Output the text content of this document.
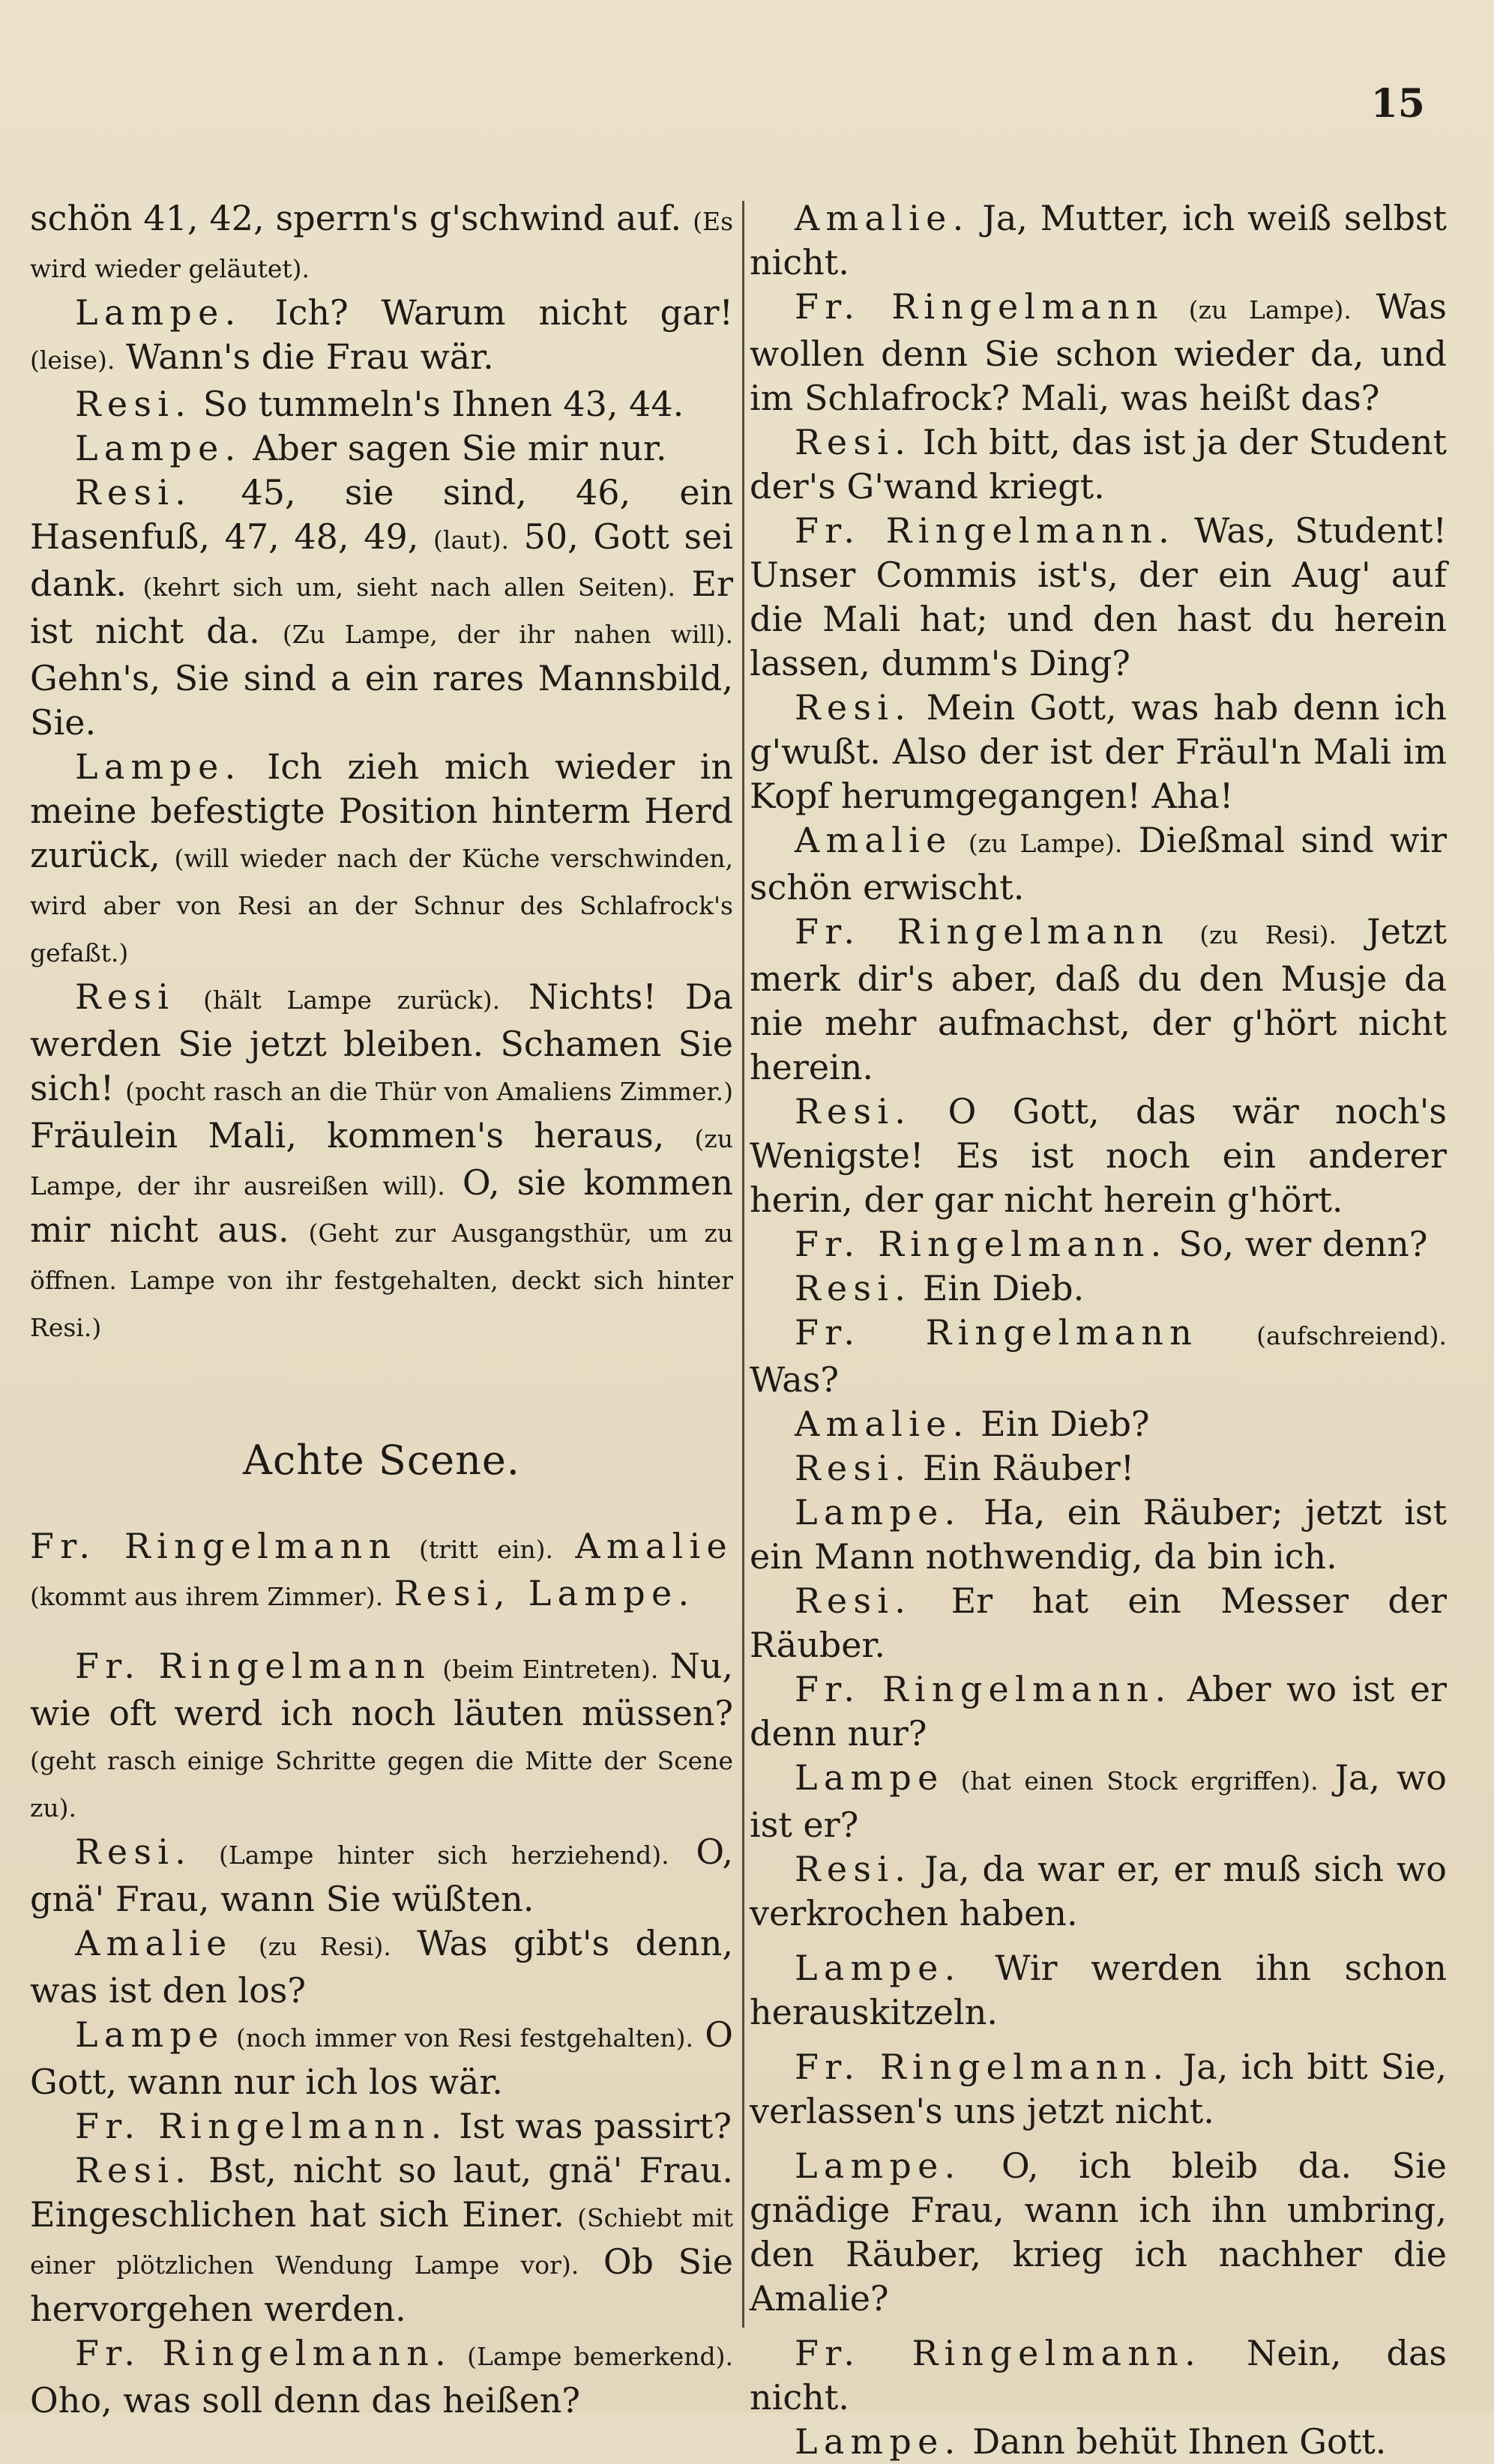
15

schön 41, 42, sperrn's g'schwind auf. (Es wird wieder geläutet).

Lampe. Ich? Warum nicht gar! (leise). Wann's die Frau wär.

Resi. So tummeln's Ihnen 43, 44.

Lampe. Aber sagen Sie mir nur.

Resi. 45, sie sind, 46, ein Hasenfuß, 47, 48, 49, (laut). 50, Gott sei dank. (kehrt sich um, sieht nach allen Seiten). Er ist nicht da. (Zu Lampe, der ihr nahen will). Gehn's, Sie sind a ein rares Mannsbild, Sie.

Lampe. Ich zieh mich wieder in meine befestigte Position hinterm Herd zurück, (will wieder nach der Küche verschwinden, wird aber von Resi an der Schnur des Schlafrock's gefaßt.)

Resi (hält Lampe zurück). Nichts! Da werden Sie jetzt bleiben. Schamen Sie sich! (pocht rasch an die Thür von Amaliens Zimmer.) Fräulein Mali, kommen's heraus, (zu Lampe, der ihr ausreißen will). O, sie kommen mir nicht aus. (Geht zur Ausgangsthür, um zu öffnen. Lampe von ihr festgehalten, deckt sich hinter Resi.)

Achte Scene.

Fr. Ringelmann (tritt ein). Amalie (kommt aus ihrem Zimmer). Resi, Lampe.

Fr. Ringelmann (beim Eintreten). Nu, wie oft werd ich noch läuten müssen? (geht rasch einige Schritte gegen die Mitte der Scene zu).

Resi. (Lampe hinter sich herziehend). O, gnä' Frau, wann Sie wüßten.

Amalie (zu Resi). Was gibt's denn, was ist den los?

Lampe (noch immer von Resi festgehalten). O Gott, wann nur ich los wär.

Fr. Ringelmann. Ist was passirt?

Resi. Bst, nicht so laut, gnä' Frau. Eingeschlichen hat sich Einer. (Schiebt mit einer plötzlichen Wendung Lampe vor). Ob Sie hervorgehen werden.

Fr. Ringelmann. (Lampe bemerkend). Oho, was soll denn das heißen?

Amalie. Ja, Mutter, ich weiß selbst nicht.

Fr. Ringelmann (zu Lampe). Was wollen denn Sie schon wieder da, und im Schlafrock? Mali, was heißt das?

Resi. Ich bitt, das ist ja der Student der's G'wand kriegt.

Fr. Ringelmann. Was, Student! Unser Commis ist's, der ein Aug' auf die Mali hat; und den hast du herein lassen, dumm's Ding?

Resi. Mein Gott, was hab denn ich g'wußt. Also der ist der Fräul'n Mali im Kopf herumgegangen! Aha!

Amalie (zu Lampe). Dießmal sind wir schön erwischt.

Fr. Ringelmann (zu Resi). Jetzt merk dir's aber, daß du den Musje da nie mehr aufmachst, der g'hört nicht herein.

Resi. O Gott, das wär noch's Wenigste! Es ist noch ein anderer herin, der gar nicht herein g'hört.

Fr. Ringelmann. So, wer denn?

Resi. Ein Dieb.

Fr. Ringelmann (aufschreiend). Was?

Amalie. Ein Dieb?

Resi. Ein Räuber!

Lampe. Ha, ein Räuber; jetzt ist ein Mann nothwendig, da bin ich.

Resi. Er hat ein Messer der Räuber.

Fr. Ringelmann. Aber wo ist er denn nur?

Lampe (hat einen Stock ergriffen). Ja, wo ist er?

Resi. Ja, da war er, er muß sich wo verkrochen haben.

Lampe. Wir werden ihn schon herauskitzeln.

Fr. Ringelmann. Ja, ich bitt Sie, verlassen's uns jetzt nicht.

Lampe. O, ich bleib da. Sie gnädige Frau, wann ich ihn umbring, den Räuber, krieg ich nachher die Amalie?

Fr. Ringelmann. Nein, das nicht.

Lampe. Dann behüt Ihnen Gott.
